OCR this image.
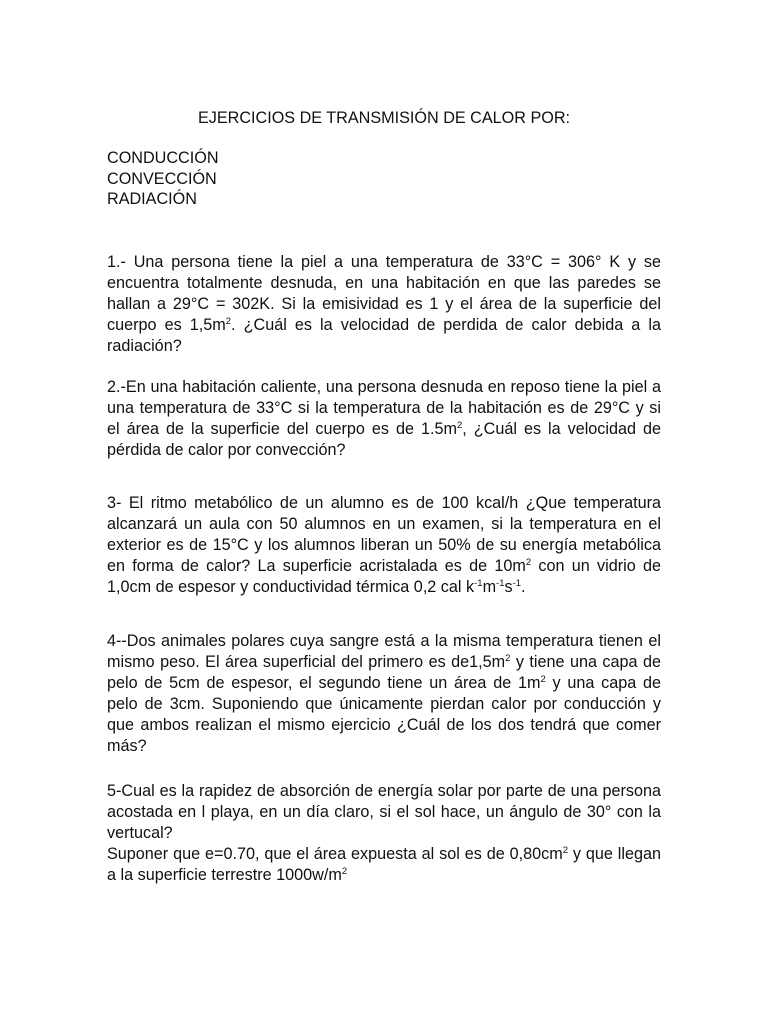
EJERCICIOS DE TRANSMISIÓN DE CALOR POR:
CONDUCCIÓN
CONVECCIÓN
RADIACIÓN

1.- Una persona tiene la piel a una temperatura de 33°C = 306° K y se encuentra totalmente desnuda, en una habitación en que las paredes se hallan a 29°C = 302K. Si la emisividad es 1 y el área de la superficie del cuerpo es $1,5m^2$. ¿Cuál es la velocidad de perdida de calor debida a la radiación?

2.-En una habitación caliente, una persona desnuda en reposo tiene la piel a una temperatura de 33°C si la temperatura de la habitación es de 29°C y si el área de la superficie del cuerpo es de $1.5m^2$, ¿Cuál es la velocidad de pérdida de calor por convección?

3- El ritmo metabólico de un alumno es de 100 kcal/h ¿Que temperatura alcanzará un aula con 50 alumnos en un examen, si la temperatura en el exterior es de 15°C y los alumnos liberan un 50% de su energía metabólica en forma de calor? La superficie acristalada es de $10m^2$ con un vidrio de 1,0cm de espesor y conductividad térmica 0,2 cal $k^{-1}m^{-1}s^{-1}$.

4--Dos animales polares cuya sangre está a la misma temperatura tienen el mismo peso. El área superficial del primero es $de1,5m^2$ y tiene una capa de pelo de 5cm de espesor, el segundo tiene un área de $1m^2$ y una capa de pelo de 3cm. Suponiendo que únicamente pierdan calor por conducción y que ambos realizan el mismo ejercicio ¿Cuál de los dos tendrá que comer más?

5-Cual es la rapidez de absorción de energía solar por parte de una persona acostada en l playa, en un día claro, si el sol hace, un ángulo de 30° con la vertucal?

Suponer que e=0.70, que el área expuesta al sol es de $0,80cm^2$ y que llegan a la superficie terrestre $1000w/m^2$
